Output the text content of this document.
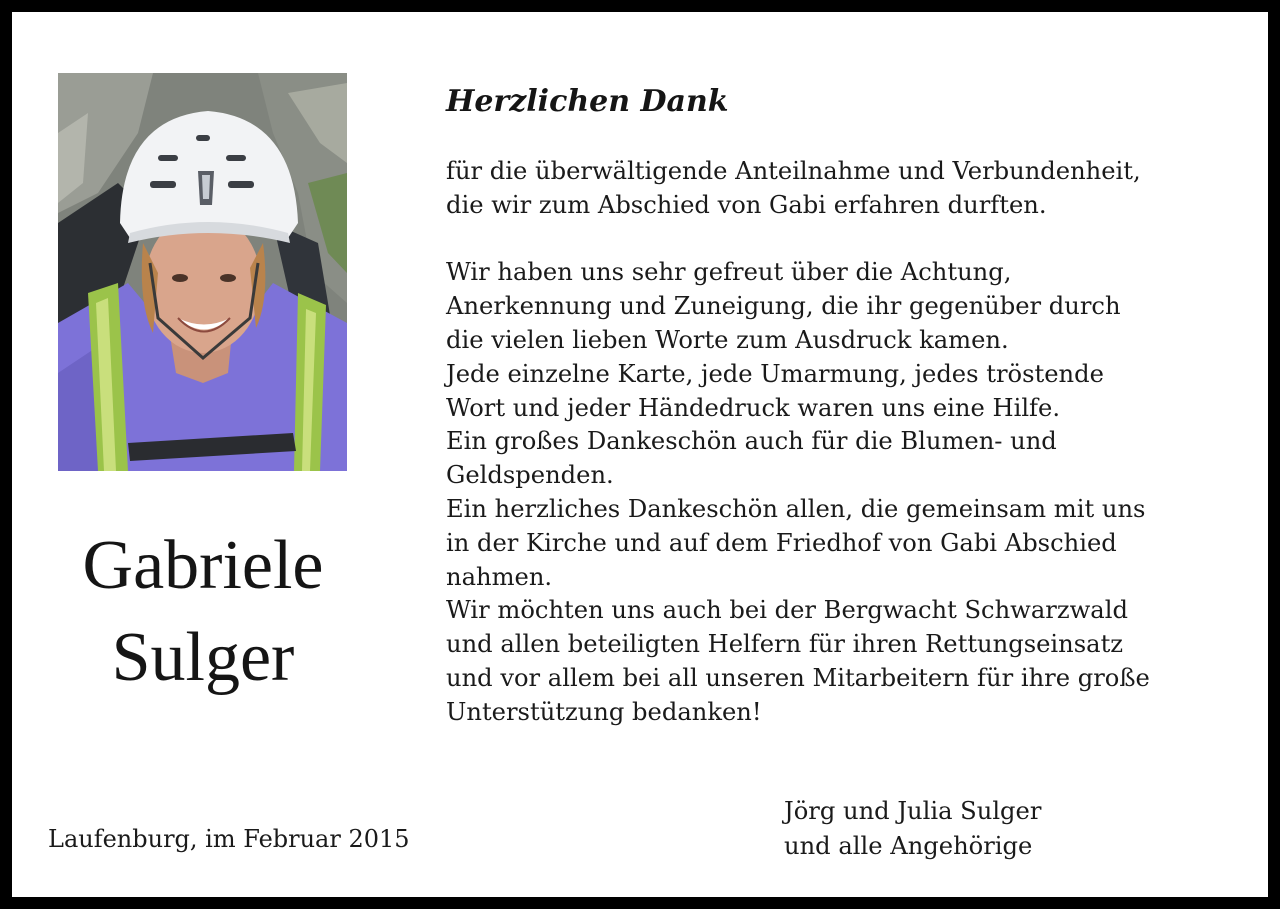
Gabriele
Sulger
Laufenburg, im Februar 2015
Herzlichen Dank
für die überwältigende Anteilnahme und Verbundenheit,
die wir zum Abschied von Gabi erfahren durften.
Wir haben uns sehr gefreut über die Achtung,
Anerkennung und Zuneigung, die ihr gegenüber durch
die vielen lieben Worte zum Ausdruck kamen.
Jede einzelne Karte, jede Umarmung, jedes tröstende
Wort und jeder Händedruck waren uns eine Hilfe.
Ein großes Dankeschön auch für die Blumen- und
Geldspenden.
Ein herzliches Dankeschön allen, die gemeinsam mit uns
in der Kirche und auf dem Friedhof von Gabi Abschied
nahmen.
Wir möchten uns auch bei der Bergwacht Schwarzwald
und allen beteiligten Helfern für ihren Rettungseinsatz
und vor allem bei all unseren Mitarbeitern für ihre große
Unterstützung bedanken!
Jörg und Julia Sulger
und alle Angehörige
